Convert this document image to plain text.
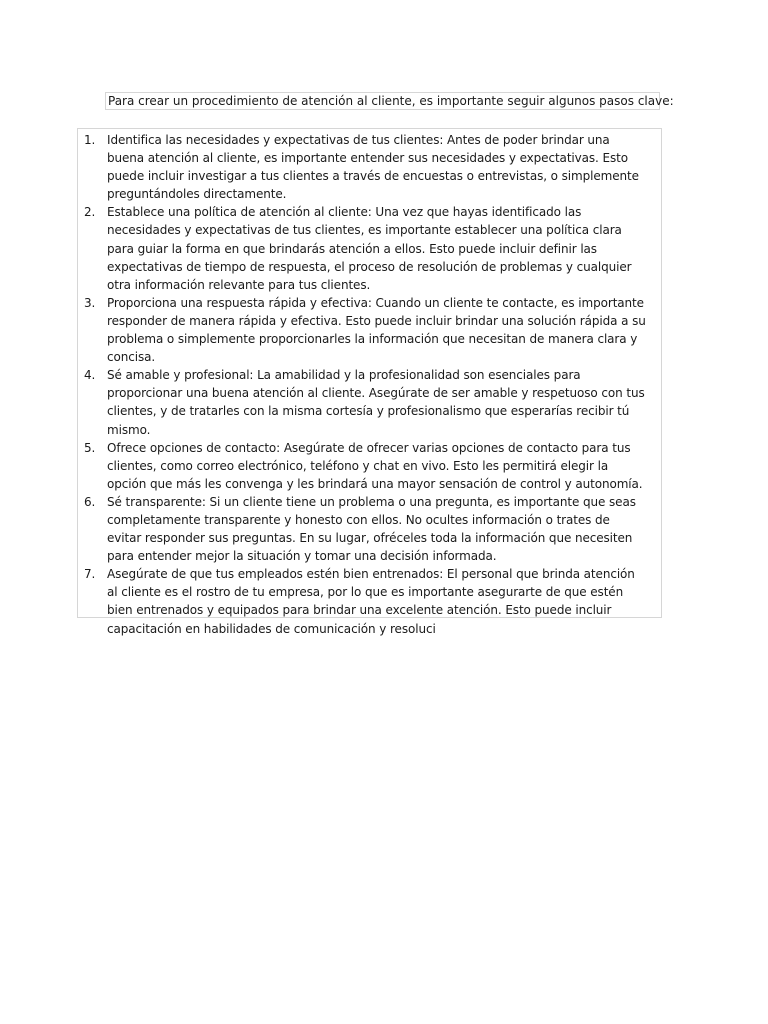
Para crear un procedimiento de atención al cliente, es importante seguir algunos pasos clave:
1. Identifica las necesidades y expectativas de tus clientes: Antes de poder brindar una buena atención al cliente, es importante entender sus necesidades y expectativas. Esto puede incluir investigar a tus clientes a través de encuestas o entrevistas, o simplemente preguntándoles directamente.
2. Establece una política de atención al cliente: Una vez que hayas identificado las necesidades y expectativas de tus clientes, es importante establecer una política clara para guiar la forma en que brindarás atención a ellos. Esto puede incluir definir las expectativas de tiempo de respuesta, el proceso de resolución de problemas y cualquier otra información relevante para tus clientes.
3. Proporciona una respuesta rápida y efectiva: Cuando un cliente te contacte, es importante responder de manera rápida y efectiva. Esto puede incluir brindar una solución rápida a su problema o simplemente proporcionarles la información que necesitan de manera clara y concisa.
4. Sé amable y profesional: La amabilidad y la profesionalidad son esenciales para proporcionar una buena atención al cliente. Asegúrate de ser amable y respetuoso con tus clientes, y de tratarles con la misma cortesía y profesionalismo que esperarías recibir tú mismo.
5. Ofrece opciones de contacto: Asegúrate de ofrecer varias opciones de contacto para tus clientes, como correo electrónico, teléfono y chat en vivo. Esto les permitirá elegir la opción que más les convenga y les brindará una mayor sensación de control y autonomía.
6. Sé transparente: Si un cliente tiene un problema o una pregunta, es importante que seas completamente transparente y honesto con ellos. No ocultes información o trates de evitar responder sus preguntas. En su lugar, ofréceles toda la información que necesiten para entender mejor la situación y tomar una decisión informada.
7. Asegúrate de que tus empleados estén bien entrenados: El personal que brinda atención al cliente es el rostro de tu empresa, por lo que es importante asegurarte de que estén bien entrenados y equipados para brindar una excelente atención. Esto puede incluir capacitación en habilidades de comunicación y resoluci
